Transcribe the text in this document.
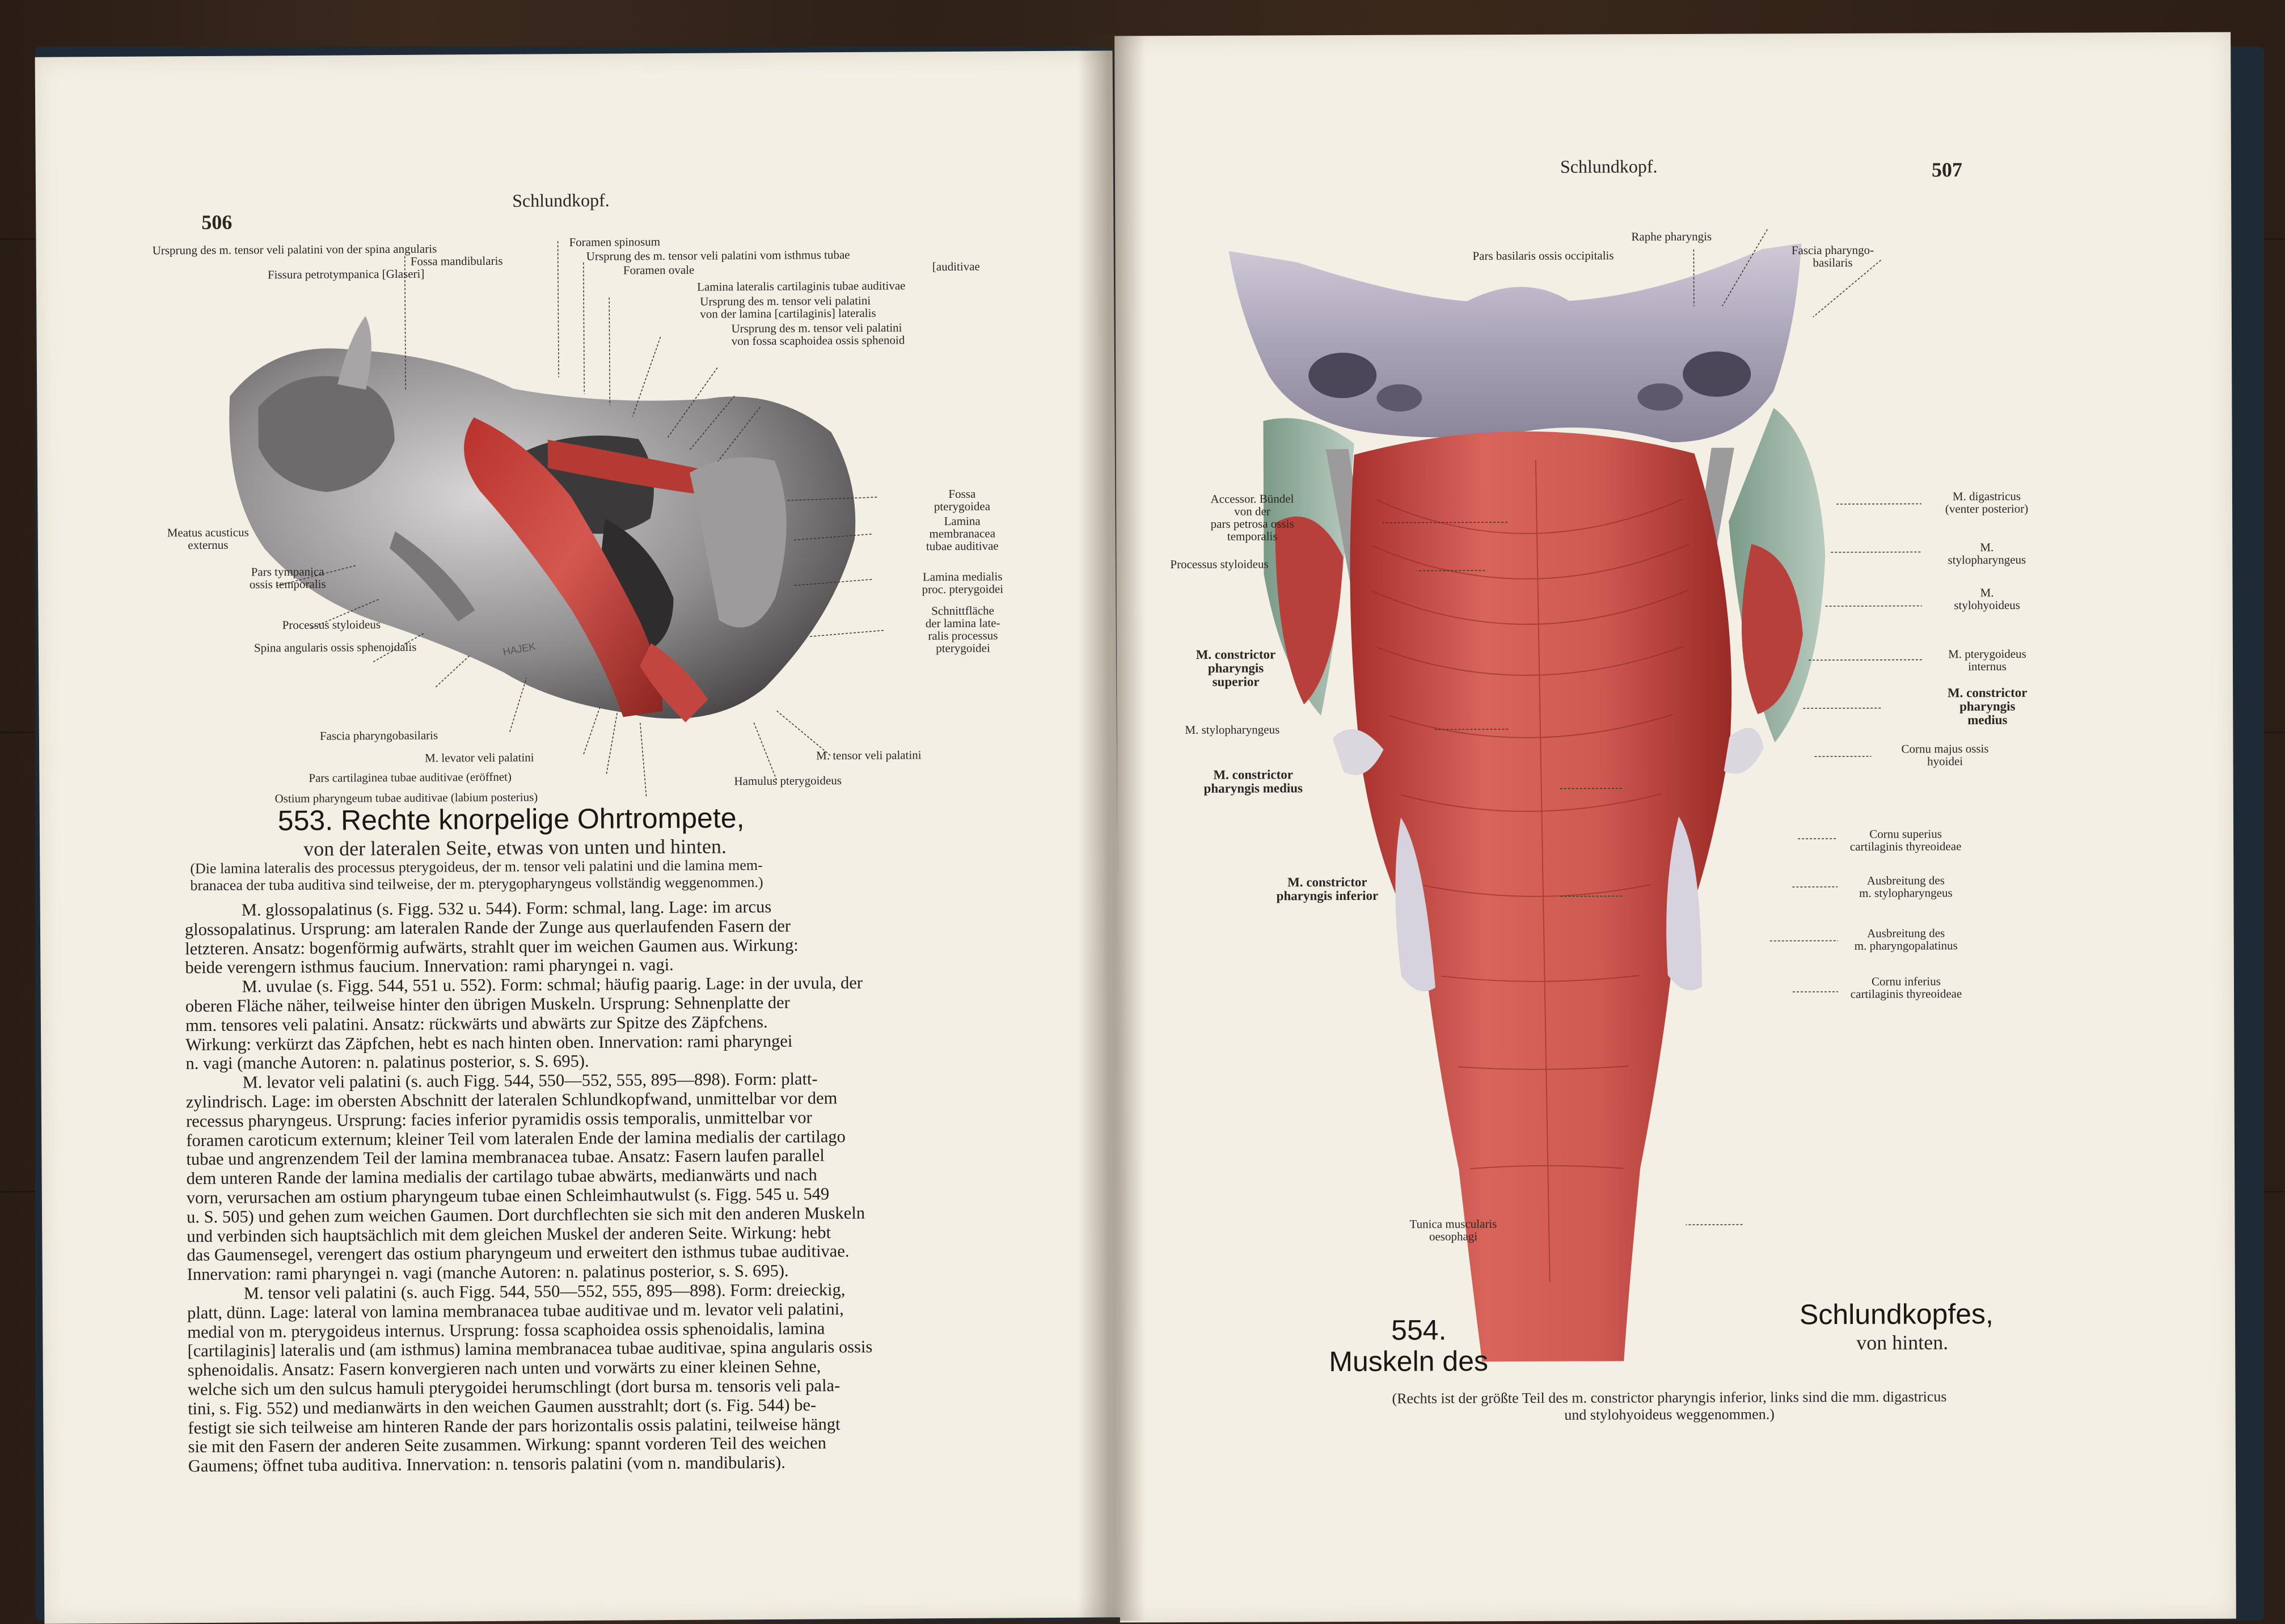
506
Schlundkopf.
HAJEK
Ursprung des m. tensor veli palatini von der spina angularis
Fossa mandibularis
Fissura petrotympanica [Glaseri]
Foramen spinosum
Ursprung des m. tensor veli palatini vom isthmus tubae
[auditivae
Foramen ovale
Lamina lateralis cartilaginis tubae auditivae
Ursprung des m. tensor veli palatini
von der lamina [cartilaginis] lateralis
Ursprung des m. tensor veli palatini
von fossa scaphoidea ossis sphenoid
Meatus acusticus
externus
Pars tympanica
ossis temporalis
Processus styloideus
Spina angularis ossis sphenoidalis
Fossa
pterygoidea
Lamina
membranacea
tubae auditivae
Lamina medialis
proc. pterygoidei
Schnittfläche
der lamina late-
ralis processus
pterygoidei
Fascia pharyngobasilaris
M. levator veli palatini
Pars cartilaginea tubae auditivae (eröffnet)
Ostium pharyngeum tubae auditivae (labium posterius)
M. tensor veli palatini
Hamulus pterygoideus
553. Rechte knorpelige Ohrtrompete,
von der lateralen Seite, etwas von unten und hinten.
(Die lamina lateralis des processus pterygoideus, der m. tensor veli palatini und die lamina mem-
branacea der tuba auditiva sind teilweise, der m. pterygopharyngeus vollständig weggenommen.)

M. glossopalatinus (s. Figg. 532 u. 544). Form: schmal, lang. Lage: im arcus

glossopalatinus. Ursprung: am lateralen Rande der Zunge aus querlaufenden Fasern der

letzteren. Ansatz: bogenförmig aufwärts, strahlt quer im weichen Gaumen aus. Wirkung:

beide verengern isthmus faucium. Innervation: rami pharyngei n. vagi.

M. uvulae (s. Figg. 544, 551 u. 552). Form: schmal; häufig paarig. Lage: in der uvula, der

oberen Fläche näher, teilweise hinter den übrigen Muskeln. Ursprung: Sehnenplatte der

mm. tensores veli palatini. Ansatz: rückwärts und abwärts zur Spitze des Zäpfchens.

Wirkung: verkürzt das Zäpfchen, hebt es nach hinten oben. Innervation: rami pharyngei

n. vagi (manche Autoren: n. palatinus posterior, s. S. 695).

M. levator veli palatini (s. auch Figg. 544, 550—552, 555, 895—898). Form: platt-

zylindrisch. Lage: im obersten Abschnitt der lateralen Schlundkopfwand, unmittelbar vor dem

recessus pharyngeus. Ursprung: facies inferior pyramidis ossis temporalis, unmittelbar vor

foramen caroticum externum; kleiner Teil vom lateralen Ende der lamina medialis der cartilago

tubae und angrenzendem Teil der lamina membranacea tubae. Ansatz: Fasern laufen parallel

dem unteren Rande der lamina medialis der cartilago tubae abwärts, medianwärts und nach

vorn, verursachen am ostium pharyngeum tubae einen Schleimhautwulst (s. Figg. 545 u. 549

u. S. 505) und gehen zum weichen Gaumen. Dort durchflechten sie sich mit den anderen Muskeln

und verbinden sich hauptsächlich mit dem gleichen Muskel der anderen Seite. Wirkung: hebt

das Gaumensegel, verengert das ostium pharyngeum und erweitert den isthmus tubae auditivae.

Innervation: rami pharyngei n. vagi (manche Autoren: n. palatinus posterior, s. S. 695).

M. tensor veli palatini (s. auch Figg. 544, 550—552, 555, 895—898). Form: dreieckig,

platt, dünn. Lage: lateral von lamina membranacea tubae auditivae und m. levator veli palatini,

medial von m. pterygoideus internus. Ursprung: fossa scaphoidea ossis sphenoidalis, lamina

[cartilaginis] lateralis und (am isthmus) lamina membranacea tubae auditivae, spina angularis ossis

sphenoidalis. Ansatz: Fasern konvergieren nach unten und vorwärts zu einer kleinen Sehne,

welche sich um den sulcus hamuli pterygoidei herumschlingt (dort bursa m. tensoris veli pala-

tini, s. Fig. 552) und medianwärts in den weichen Gaumen ausstrahlt; dort (s. Fig. 544) be-

festigt sie sich teilweise am hinteren Rande der pars horizontalis ossis palatini, teilweise hängt

sie mit den Fasern der anderen Seite zusammen. Wirkung: spannt vorderen Teil des weichen

Gaumens; öffnet tuba auditiva. Innervation: n. tensoris palatini (vom n. mandibularis).

Schlundkopf.	507
Raphe pharyngis
Pars basilaris ossis occipitalis	Fascia pharyngo-
basilaris
Accessor. Bündel
von der
pars petrosa ossis
temporalis
Processus styloideus
M. constrictor
pharyngis
superior
M. stylopharyngeus
M. constrictor
pharyngis medius
M. constrictor
pharyngis inferior
Tunica muscularis
oesophagi
M. digastricus
(venter posterior)
M.
stylopharyngeus
M.
stylohyoideus
M. pterygoideus
internus
M. constrictor
pharyngis
medius
Cornu majus ossis
hyoidei
Cornu superius
cartilaginis thyreoideae
Ausbreitung des
m. stylopharyngeus
Ausbreitung des
m. pharyngopalatinus
Cornu inferius
cartilaginis thyreoideae
554.
Muskeln des
Schlundkopfes,
von hinten.
(Rechts ist der größte Teil des m. constrictor pharyngis inferior, links sind die mm. digastricus
und stylohyoideus weggenommen.)
